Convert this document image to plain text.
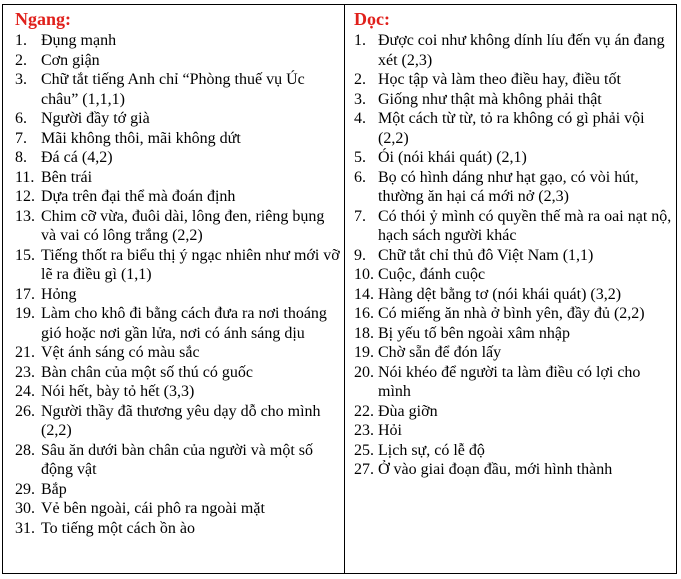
Ngang:
1. Đụng mạnh
2. Cơn giận
3. Chữ tắt tiếng Anh chỉ “Phòng thuế vụ Úc châu” (1,1,1)
6. Người đầy tớ già
7. Mãi không thôi, mãi không dứt
8. Đá cá (4,2)
11. Bên trái
12. Dựa trên đại thể mà đoán định
13. Chim cỡ vừa, đuôi dài, lông đen, riêng bụng và vai có lông trắng (2,2)
15. Tiếng thốt ra biểu thị ý ngạc nhiên như mới vỡ lẽ ra điều gì (1,1)
17. Hỏng
19. Làm cho khô đi bằng cách đưa ra nơi thoáng gió hoặc nơi gần lửa, nơi có ánh sáng dịu
21. Vệt ánh sáng có màu sắc
23. Bàn chân của một số thú có guốc
24. Nói hết, bày tỏ hết (3,3)
26. Người thầy đã thương yêu dạy dỗ cho mình (2,2)
28. Sâu ăn dưới bàn chân của người và một số động vật
29. Bắp
30. Vẻ bên ngoài, cái phô ra ngoài mặt
31. To tiếng một cách ồn ào
Dọc:
1. Được coi như không dính líu đến vụ án đang xét (2,3)
2. Học tập và làm theo điều hay, điều tốt
3. Giống như thật mà không phải thật
4. Một cách từ từ, tỏ ra không có gì phải vội (2,2)
5. Ói (nói khái quát) (2,1)
6. Bọ có hình dáng như hạt gạo, có vòi hút, thường ăn hại cá mới nở (2,3)
7. Có thói ỷ mình có quyền thế mà ra oai nạt nộ, hạch sách người khác
9. Chữ tắt chỉ thủ đô Việt Nam (1,1)
10. Cuộc, đánh cuộc
14. Hàng dệt bằng tơ (nói khái quát) (3,2)
16. Có miếng ăn nhà ở bình yên, đầy đủ (2,2)
18. Bị yếu tố bên ngoài xâm nhập
19. Chờ sẵn để đón lấy
20. Nói khéo để người ta làm điều có lợi cho mình
22. Đùa giỡn
23. Hỏi
25. Lịch sự, có lễ độ
27. Ở vào giai đoạn đầu, mới hình thành
